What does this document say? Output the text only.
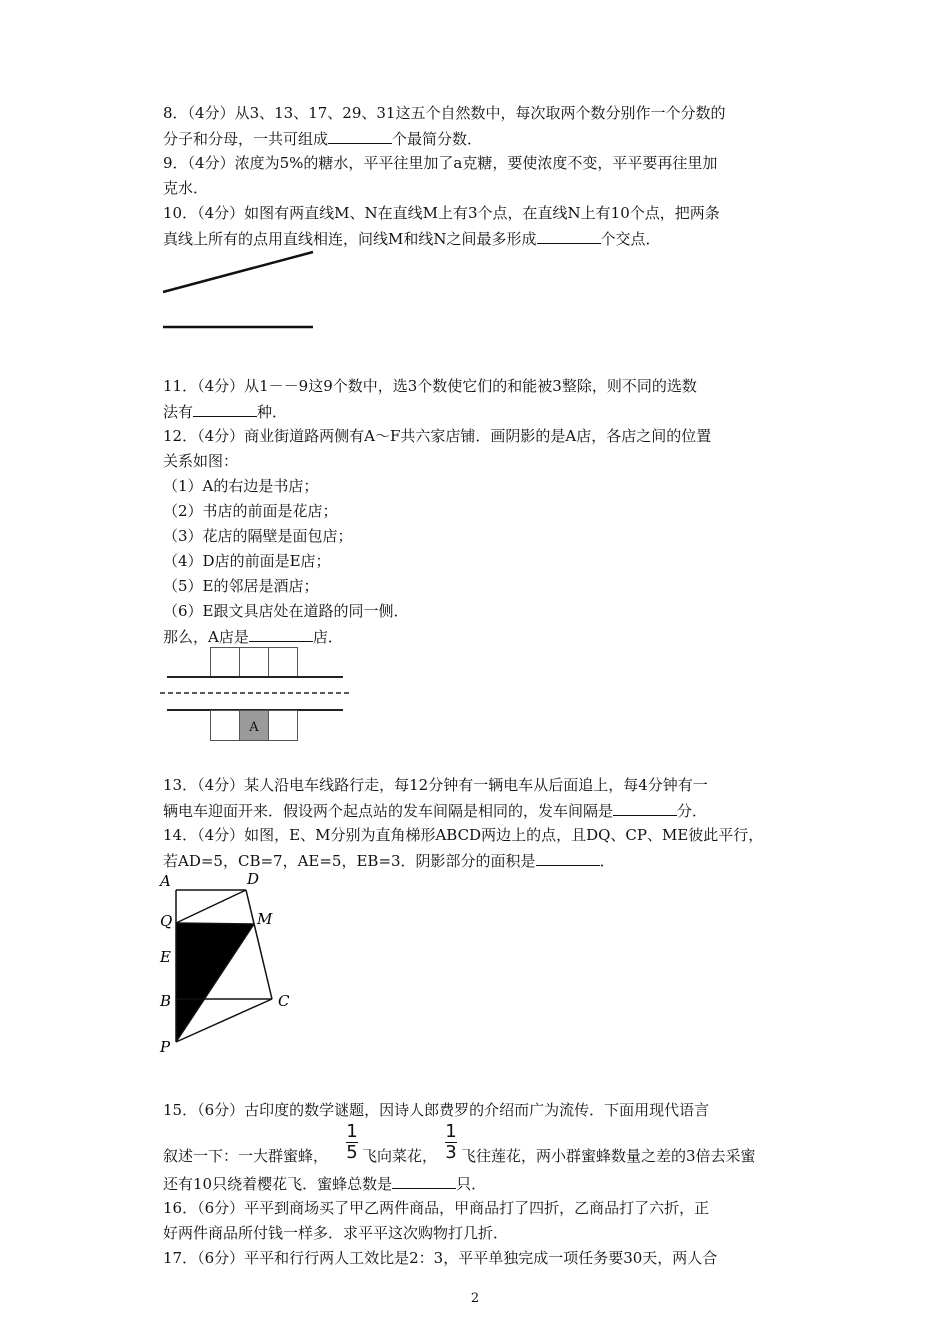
8．（4分）从3、13、17、29、31这五个自然数中，每次取两个数分别作一个分数的
分子和分母，一共可组成	个最简分数．
9．（4分）浓度为5%的糖水，平平往里加了a克糖，要使浓度不变，平平要再往里加
克水．
10．（4分）如图有两直线M、N在直线M上有3个点，在直线N上有10个点，把两条
真线上所有的点用直线相连，问线M和线N之间最多形成	个交点．
11．（4分）从1－－9这9个数中，选3个数使它们的和能被3整除，则不同的选数
法有	种．
12．（4分）商业街道路两侧有A～F共六家店铺．画阴影的是A店，各店之间的位置
关系如图：
（1）A的右边是书店；
（2）书店的前面是花店；
（3）花店的隔壁是面包店；
（4）D店的前面是E店；
（5）E的邻居是酒店；
（6）E跟文具店处在道路的同一侧．
那么，A店是	店．
A
13．（4分）某人沿电车线路行走，每12分钟有一辆电车从后面追上，每4分钟有一
辆电车迎面开来．假设两个起点站的发车间隔是相同的，发车间隔是	分．
14．（4分）如图，E、M分别为直角梯形ABCD两边上的点，且DQ、CP、ME彼此平行，
若AD=5，CB=7，AE=5，EB=3．阴影部分的面积是	．
A	D
Q	M
E
B	C
P
15．（6分）古印度的数学谜题，因诗人郎费罗的介绍而广为流传．下面用现代语言
1
5
1
3
叙述一下：一大群蜜蜂， 飞向菜花， 飞往莲花，两小群蜜蜂数量之差的3倍去采蜜
还有10只绕着樱花飞．蜜蜂总数是	只．
16．（6分）平平到商场买了甲乙两件商品，甲商品打了四折，乙商品打了六折，正
好两件商品所付钱一样多．求平平这次购物打几折．
17．（6分）平平和行行两人工效比是2：3，平平单独完成一项任务要30天，两人合
2
